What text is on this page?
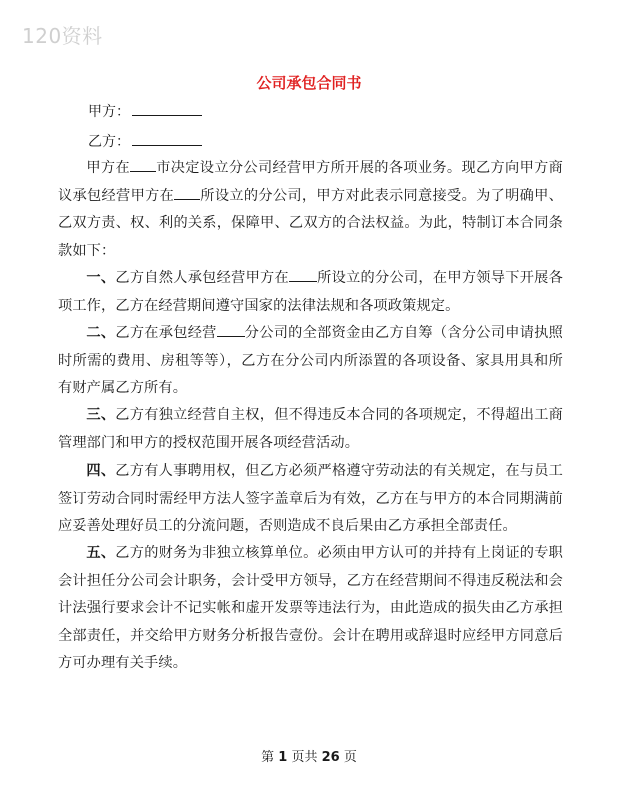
120资料
公司承包合同书
甲方：
乙方：
甲方在 市决定设立分公司经营甲方所开展的各项业务。现乙方向甲方商议承包经营甲方在 所设立的分公司，甲方对此表示同意接受。为了明确甲、乙双方责、权、利的关系，保障甲、乙双方的合法权益。为此，特制订本合同条款如下：
一、乙方自然人承包经营甲方在 所设立的分公司，在甲方领导下开展各项工作，乙方在经营期间遵守国家的法律法规和各项政策规定。
二、乙方在承包经营 分公司的全部资金由乙方自筹（含分公司申请执照时所需的费用、房租等等），乙方在分公司内所添置的各项设备、家具用具和所有财产属乙方所有。
三、乙方有独立经营自主权，但不得违反本合同的各项规定，不得超出工商管理部门和甲方的授权范围开展各项经营活动。
四、乙方有人事聘用权，但乙方必须严格遵守劳动法的有关规定，在与员工签订劳动合同时需经甲方法人签字盖章后为有效，乙方在与甲方的本合同期满前应妥善处理好员工的分流问题，否则造成不良后果由乙方承担全部责任。
五、乙方的财务为非独立核算单位。必须由甲方认可的并持有上岗证的专职会计担任分公司会计职务，会计受甲方领导，乙方在经营期间不得违反税法和会计法强行要求会计不记实帐和虚开发票等违法行为，由此造成的损失由乙方承担全部责任，并交给甲方财务分析报告壹份。会计在聘用或辞退时应经甲方同意后方可办理有关手续。
第 1 页共 26 页
